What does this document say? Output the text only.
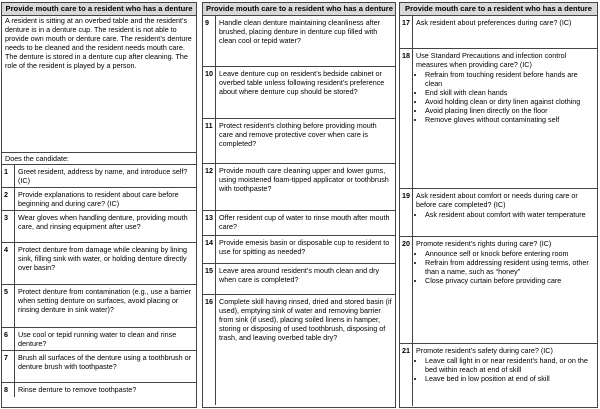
Provide mouth care to a resident who has a denture
A resident is sitting at an overbed table and the resident’s denture is in a denture cup. The resident is not able to provide own mouth or denture care. The resident’s denture needs to be cleaned and the resident needs mouth care. The denture is stored in a denture cup after cleaning. The role of the resident is played by a person.
Does the candidate:
1	Greet resident, address by name, and introduce self? (IC)
2	Provide explanations to resident about care before beginning and during care? (IC)
3	Wear gloves when handling denture, providing mouth care, and rinsing equipment after use?
4	Protect denture from damage while cleaning by lining sink, filling sink with water, or holding denture directly over basin?
5	Protect denture from contamination (e.g., use a barrier when setting denture on surfaces, avoid placing or rinsing denture in sink water)?
6	Use cool or tepid running water to clean and rinse denture?
7	Brush all surfaces of the denture using a toothbrush or denture brush with toothpaste?
8	Rinse denture to remove toothpaste?
Provide mouth care to a resident who has a denture
9	Handle clean denture maintaining cleanliness after brushed, placing denture in denture cup filled with clean cool or tepid water?
10 Leave denture cup on resident’s bedside cabinet or overbed table unless following resident’s preference about where denture cup should be stored?
11 Protect resident’s clothing before providing mouth care and remove protective cover when care is completed?
12 Provide mouth care cleaning upper and lower gums, using moistened foam-tipped applicator or toothbrush with toothpaste?
13 Offer resident cup of water to rinse mouth after mouth care?
14 Provide emesis basin or disposable cup to resident to use for spitting as needed?
15 Leave area around resident’s mouth clean and dry when care is completed?
16 Complete skill having rinsed, dried and stored basin (if used), emptying sink of water and removing barrier from sink (if used), placing soiled linens in hamper, storing or disposing of used toothbrush, disposing of trash, and leaving overbed table dry?
Provide mouth care to a resident who has a denture
17 Ask resident about preferences during care? (IC)
18 Use Standard Precautions and infection control measures when providing care? (IC)
• Refrain from touching resident before hands are clean
• End skill with clean hands
• Avoid holding clean or dirty linen against clothing
• Avoid placing linen directly on the floor
• Remove gloves without contaminating self
19 Ask resident about comfort or needs during care or before care completed? (IC)
• Ask resident about comfort with water temperature
20 Promote resident’s rights during care? (IC)
• Announce self or knock before entering room
• Refrain from addressing resident using terms, other than a name, such as “honey”
• Close privacy curtain before providing care
21 Promote resident’s safety during care? (IC)
• Leave call light in or near resident’s hand, or on the bed within reach at end of skill
• Leave bed in low position at end of skill
